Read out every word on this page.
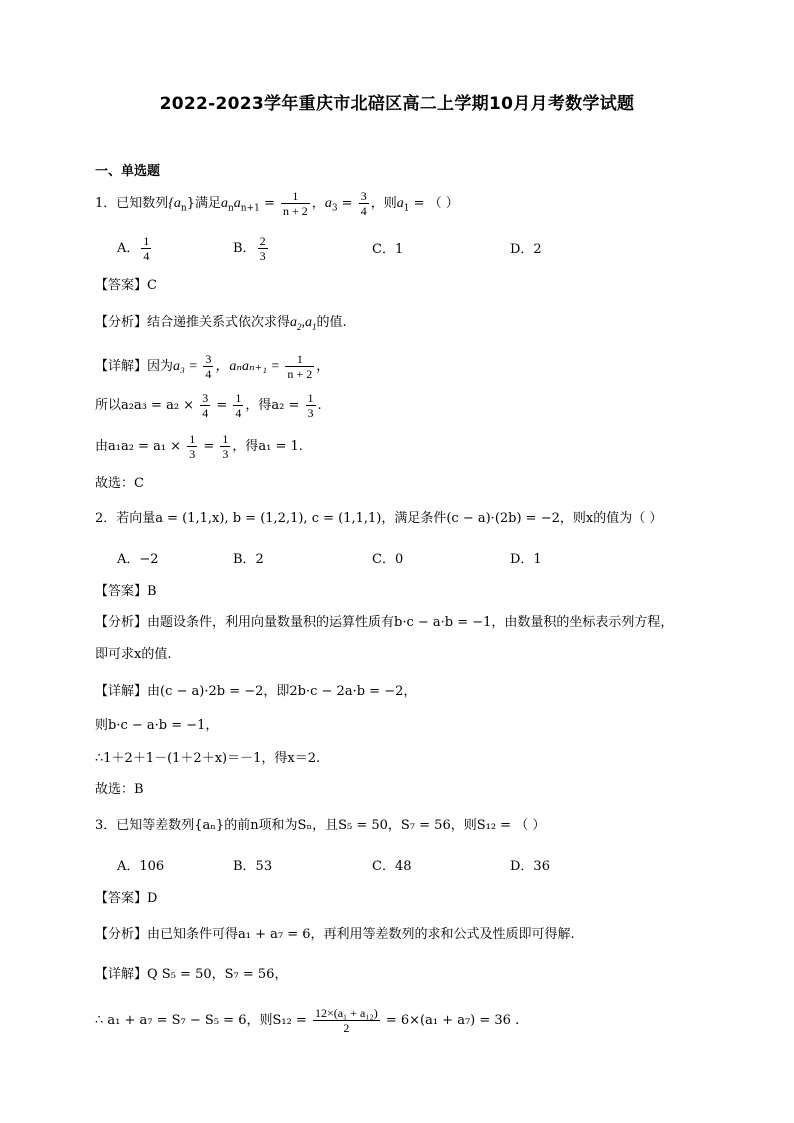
2022-2023学年重庆市北碚区高二上学期10月月考数学试题
一、单选题
1．已知数列$\{a_n\}$满足$a_na_{n+1} = \frac{1}{n + 2}$ ，$a_3 = \frac{3}{4}$ ，则$a_1$ = （ ）
A． $\frac{1}{4}$	B． $\frac{2}{3}$	C．1	D．2
【答案】C
【分析】结合递推关系式依次求得$a_2,a_1$的值.
【详解】因为$a_3 = \frac{3}{4}$ ，$a_na_{n+1} = \frac{1}{n + 2}$ ，
所以$a_2a_3 = a_2 \times \frac{3}{4} = \frac{1}{4}$ ，得$a_2 = \frac{1}{3}$ .
由$a_1a_2 = a_1 \times \frac{1}{3} = \frac{1}{3}$ ，得a₁ = 1.
故选：C
2．若向量a = (1,1,x), b = (1,2,1), c = (1,1,1)，满足条件(c − a)·(2b) = −2，则x的值为（ ）
A．−2	B．2	C．0	D．1
【答案】B
【分析】由题设条件，利用向量数量积的运算性质有b·c − a·b = −1，由数量积的坐标表示列方程，
即可求x的值.
【详解】由(c − a)·2b = −2，即2b·c − 2a·b = −2，
则b·c − a·b = −1，
∴1＋2＋1－(1＋2＋x)＝－1，得x＝2.
故选：B
3．已知等差数列{aₙ}的前n项和为Sₙ，且S₅ = 50，S₇ = 56，则S₁₂ = （ ）
A．106	B．53	C．48	D．36
【答案】D
【分析】由已知条件可得a₁ + a₇ = 6，再利用等差数列的求和公式及性质即可得解.
【详解】Q S₅ = 50，S₇ = 56，
∴ a₁ + a₇ = S₇ − S₅ = 6，则$S_{12} = \frac{\text{12×(a₁ + a₁₂)}}{2} = 6\times(a_1 + a_7) = 36$ .
